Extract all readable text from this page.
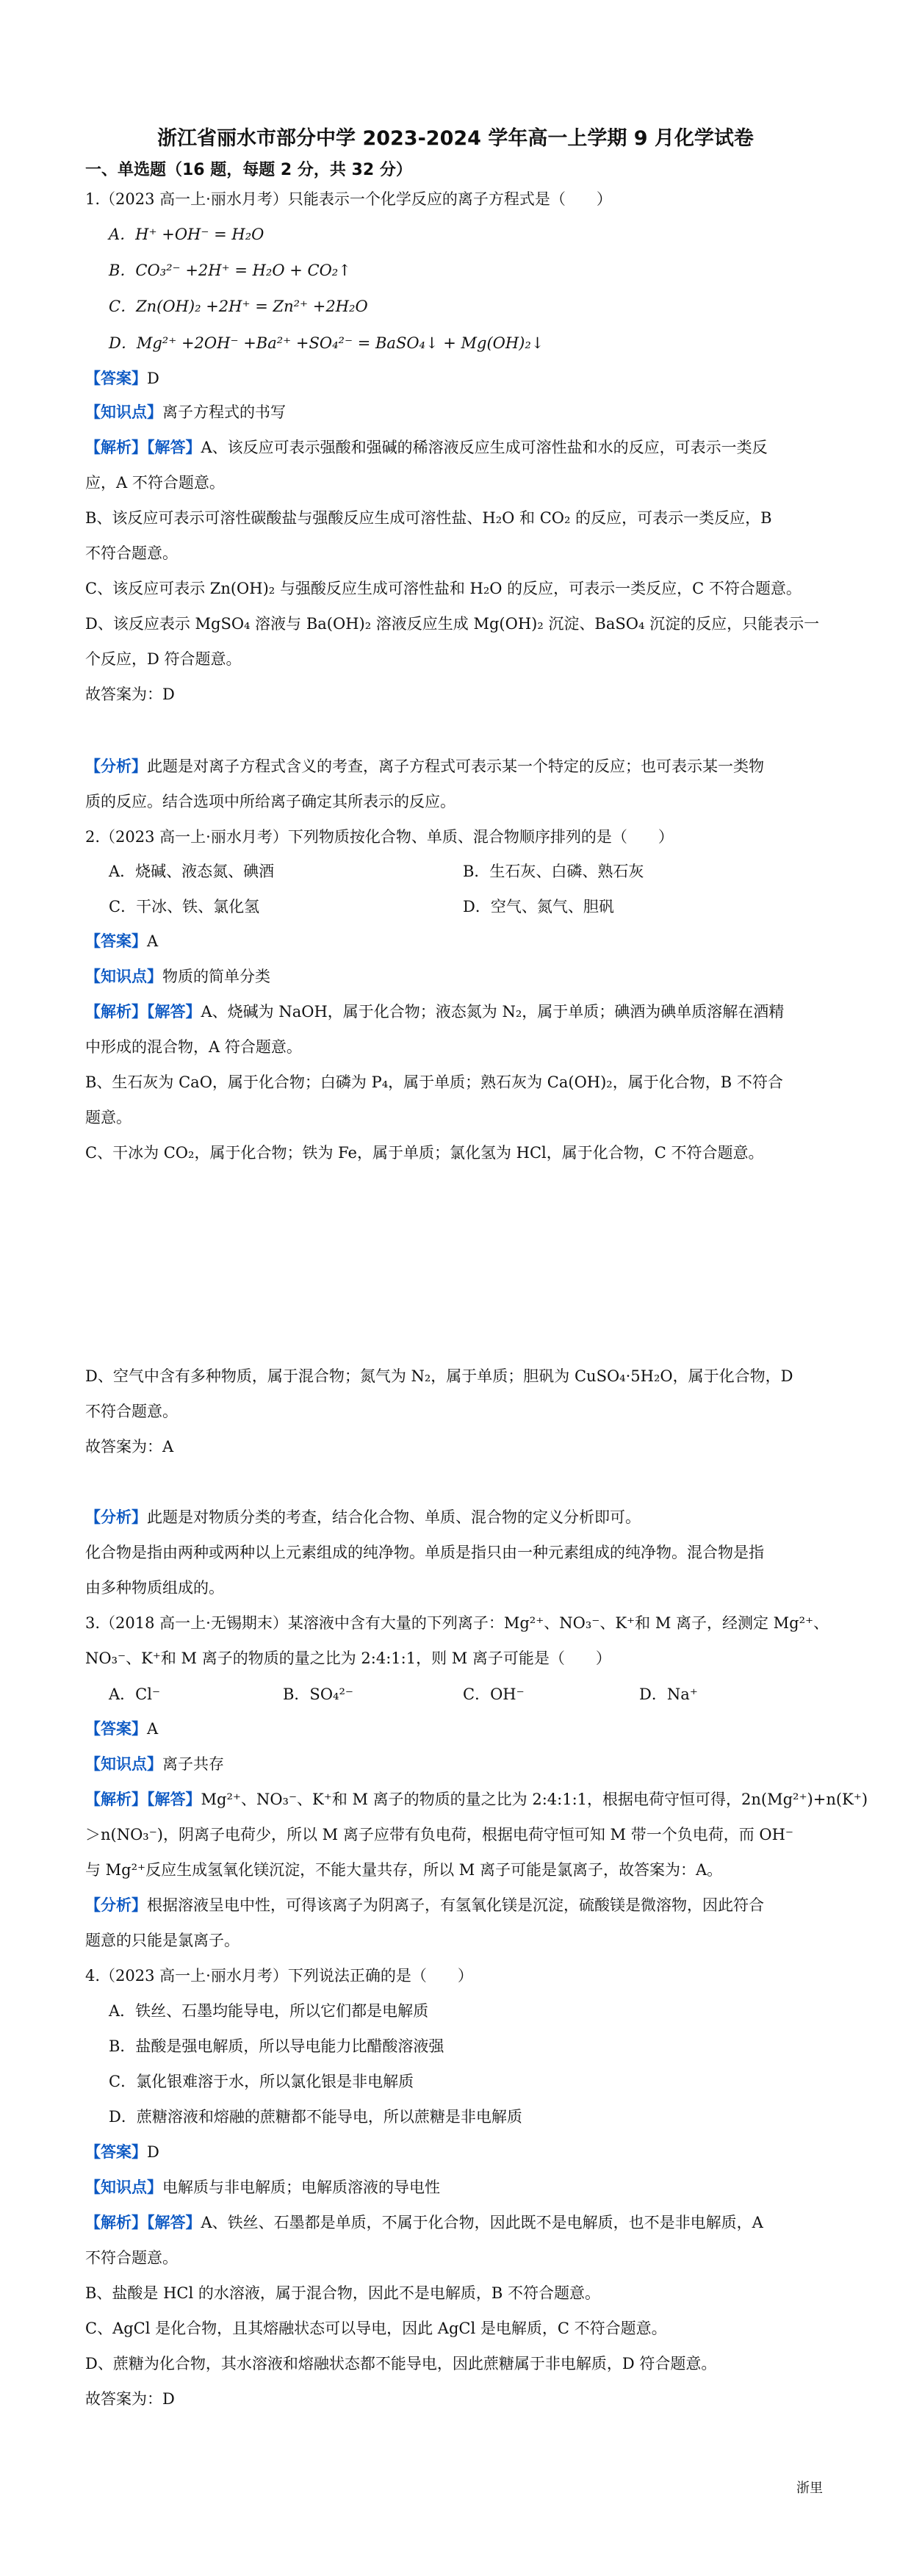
浙江省丽水市部分中学 2023-2024 学年高一上学期 9 月化学试卷
一、单选题（16 题，每题 2 分，共 32 分）
1.（2023 高一上·丽水月考）只能表示一个化学反应的离子方程式是（　　）
A．H⁺ +OH⁻ = H₂O
B．CO₃²⁻ +2H⁺ = H₂O + CO₂↑
C．Zn(OH)₂ +2H⁺ = Zn²⁺ +2H₂O
D．Mg²⁺ +2OH⁻ +Ba²⁺ +SO₄²⁻ = BaSO₄↓ + Mg(OH)₂↓
【答案】D
【知识点】离子方程式的书写
【解析】【解答】A、该反应可表示强酸和强碱的稀溶液反应生成可溶性盐和水的反应，可表示一类反
应，A 不符合题意。
B、该反应可表示可溶性碳酸盐与强酸反应生成可溶性盐、H₂O 和 CO₂ 的反应，可表示一类反应，B
不符合题意。
C、该反应可表示 Zn(OH)₂ 与强酸反应生成可溶性盐和 H₂O 的反应，可表示一类反应，C 不符合题意。
D、该反应表示 MgSO₄ 溶液与 Ba(OH)₂ 溶液反应生成 Mg(OH)₂ 沉淀、BaSO₄ 沉淀的反应，只能表示一
个反应，D 符合题意。
故答案为：D
【分析】此题是对离子方程式含义的考查，离子方程式可表示某一个特定的反应；也可表示某一类物
质的反应。结合选项中所给离子确定其所表示的反应。
2.（2023 高一上·丽水月考）下列物质按化合物、单质、混合物顺序排列的是（　　）
A．烧碱、液态氮、碘酒	B．生石灰、白磷、熟石灰
C．干冰、铁、氯化氢	D．空气、氮气、胆矾
【答案】A
【知识点】物质的简单分类
【解析】【解答】A、烧碱为 NaOH，属于化合物；液态氮为 N₂，属于单质；碘酒为碘单质溶解在酒精
中形成的混合物，A 符合题意。
B、生石灰为 CaO，属于化合物；白磷为 P₄，属于单质；熟石灰为 Ca(OH)₂，属于化合物，B 不符合
题意。
C、干冰为 CO₂，属于化合物；铁为 Fe，属于单质；氯化氢为 HCl，属于化合物，C 不符合题意。
D、空气中含有多种物质，属于混合物；氮气为 N₂，属于单质；胆矾为 CuSO₄·5H₂O，属于化合物，D
不符合题意。
故答案为：A
【分析】此题是对物质分类的考查，结合化合物、单质、混合物的定义分析即可。
化合物是指由两种或两种以上元素组成的纯净物。单质是指只由一种元素组成的纯净物。混合物是指
由多种物质组成的。
3.（2018 高一上·无锡期末）某溶液中含有大量的下列离子：Mg²⁺、NO₃⁻、K⁺和 M 离子，经测定 Mg²⁺、
NO₃⁻、K⁺和 M 离子的物质的量之比为 2:4:1:1，则 M 离子可能是（　　）
A．Cl⁻	B．SO₄²⁻	C．OH⁻	D．Na⁺
【答案】A
【知识点】离子共存
【解析】【解答】Mg²⁺、NO₃⁻、K⁺和 M 离子的物质的量之比为 2:4:1:1，根据电荷守恒可得，2n(Mg²⁺)+n(K⁺)
＞n(NO₃⁻)，阴离子电荷少，所以 M 离子应带有负电荷，根据电荷守恒可知 M 带一个负电荷，而 OH⁻
与 Mg²⁺反应生成氢氧化镁沉淀，不能大量共存，所以 M 离子可能是氯离子，故答案为：A。
【分析】根据溶液呈电中性，可得该离子为阴离子，有氢氧化镁是沉淀，硫酸镁是微溶物，因此符合
题意的只能是氯离子。
4.（2023 高一上·丽水月考）下列说法正确的是（　　）
A．铁丝、石墨均能导电，所以它们都是电解质
B．盐酸是强电解质，所以导电能力比醋酸溶液强
C．氯化银难溶于水，所以氯化银是非电解质
D．蔗糖溶液和熔融的蔗糖都不能导电，所以蔗糖是非电解质
【答案】D
【知识点】电解质与非电解质；电解质溶液的导电性
【解析】【解答】A、铁丝、石墨都是单质，不属于化合物，因此既不是电解质，也不是非电解质，A
不符合题意。
B、盐酸是 HCl 的水溶液，属于混合物，因此不是电解质，B 不符合题意。
C、AgCl 是化合物，且其熔融状态可以导电，因此 AgCl 是电解质，C 不符合题意。
D、蔗糖为化合物，其水溶液和熔融状态都不能导电，因此蔗糖属于非电解质，D 符合题意。
故答案为：D
浙里
